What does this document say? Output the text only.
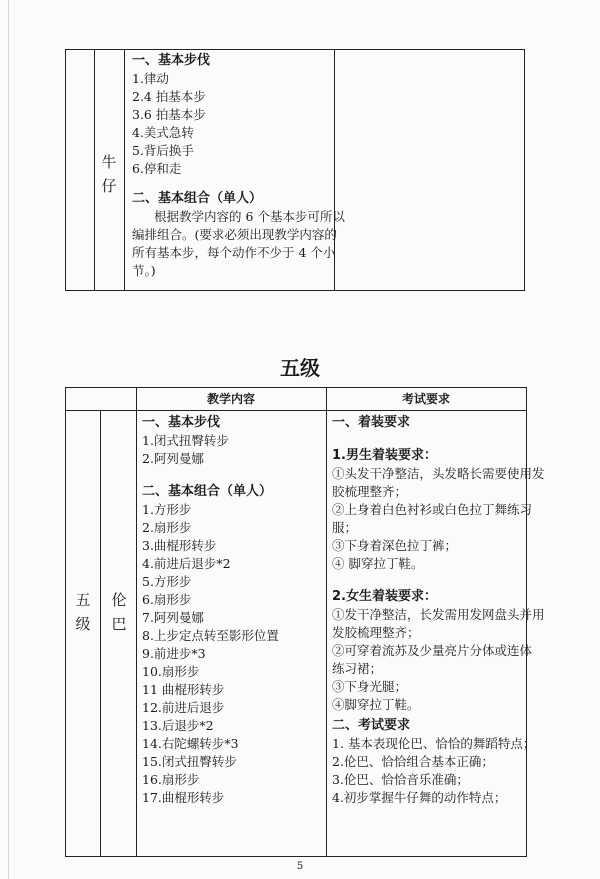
牛
仔
一、基本步伐
1.律动
2.4 拍基本步
3.6 拍基本步
4.美式急转
5.背后换手
6.停和走
二、基本组合（单人）
根据教学内容的 6 个基本步可所以
编排组合。(要求必须出现教学内容的
所有基本步，每个动作不少于 4 个小
节。)
五级
教学内容	考试要求
五
级
伦
巴
一、基本步伐
1.闭式扭臀转步
2.阿列曼娜
二、基本组合（单人）
1.方形步
2.扇形步
3.曲棍形转步
4.前进后退步*2
5.方形步
6.扇形步
7.阿列曼娜
8.上步定点转至影形位置
9.前进步*3
10.扇形步
11 曲棍形转步
12.前进后退步
13.后退步*2
14.右陀螺转步*3
15.闭式扭臀转步
16.扇形步
17.曲棍形转步
一、着装要求
1.男生着装要求：
①头发干净整洁，头发略长需要使用发
胶梳理整齐；
②上身着白色衬衫或白色拉丁舞练习
服；
③下身着深色拉丁裤；
④ 脚穿拉丁鞋。
2.女生着装要求：
①发干净整洁，长发需用发网盘头并用
发胶梳理整齐；
②可穿着流苏及少量亮片分体或连体
练习裙；
③下身光腿；
④脚穿拉丁鞋。
二、考试要求
1. 基本表现伦巴、恰恰的舞蹈特点；
2.伦巴、恰恰组合基本正确；
3.伦巴、恰恰音乐准确；
4.初步掌握牛仔舞的动作特点；
5
